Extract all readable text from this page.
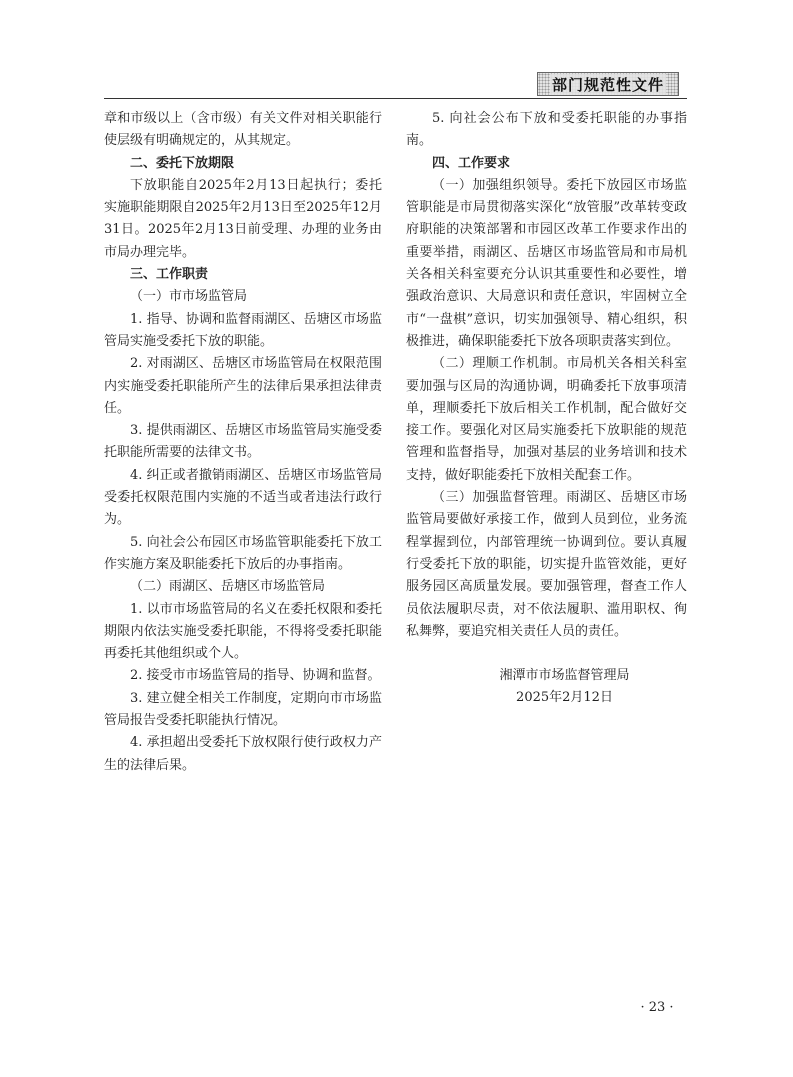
部门规范性文件

章和市级以上（含市级）有关文件对相关职能行使层级有明确规定的，从其规定。

二、委托下放期限

下放职能自2025年2月13日起执行；委托实施职能期限自2025年2月13日至2025年12月31日。2025年2月13日前受理、办理的业务由市局办理完毕。

三、工作职责

（一）市市场监管局

1. 指导、协调和监督雨湖区、岳塘区市场监管局实施受委托下放的职能。

2. 对雨湖区、岳塘区市场监管局在权限范围内实施受委托职能所产生的法律后果承担法律责任。

3. 提供雨湖区、岳塘区市场监管局实施受委托职能所需要的法律文书。

4. 纠正或者撤销雨湖区、岳塘区市场监管局受委托权限范围内实施的不适当或者违法行政行为。

5. 向社会公布园区市场监管职能委托下放工作实施方案及职能委托下放后的办事指南。

（二）雨湖区、岳塘区市场监管局

1. 以市市场监管局的名义在委托权限和委托期限内依法实施受委托职能，不得将受委托职能再委托其他组织或个人。

2. 接受市市场监管局的指导、协调和监督。

3. 建立健全相关工作制度，定期向市市场监管局报告受委托职能执行情况。

4. 承担超出受委托下放权限行使行政权力产生的法律后果。

5. 向社会公布下放和受委托职能的办事指南。

四、工作要求

（一）加强组织领导。委托下放园区市场监管职能是市局贯彻落实深化“放管服”改革转变政府职能的决策部署和市园区改革工作要求作出的重要举措，雨湖区、岳塘区市场监管局和市局机关各相关科室要充分认识其重要性和必要性，增强政治意识、大局意识和责任意识，牢固树立全市“一盘棋”意识，切实加强领导、精心组织，积极推进，确保职能委托下放各项职责落实到位。

（二）理顺工作机制。市局机关各相关科室要加强与区局的沟通协调，明确委托下放事项清单，理顺委托下放后相关工作机制，配合做好交接工作。要强化对区局实施委托下放职能的规范管理和监督指导，加强对基层的业务培训和技术支持，做好职能委托下放相关配套工作。

（三）加强监督管理。雨湖区、岳塘区市场监管局要做好承接工作，做到人员到位，业务流程掌握到位，内部管理统一协调到位。要认真履行受委托下放的职能，切实提升监管效能，更好服务园区高质量发展。要加强管理，督查工作人员依法履职尽责，对不依法履职、滥用职权、徇私舞弊，要追究相关责任人员的责任。

湘潭市市场监督管理局

2025年2月12日

· 23 ·
